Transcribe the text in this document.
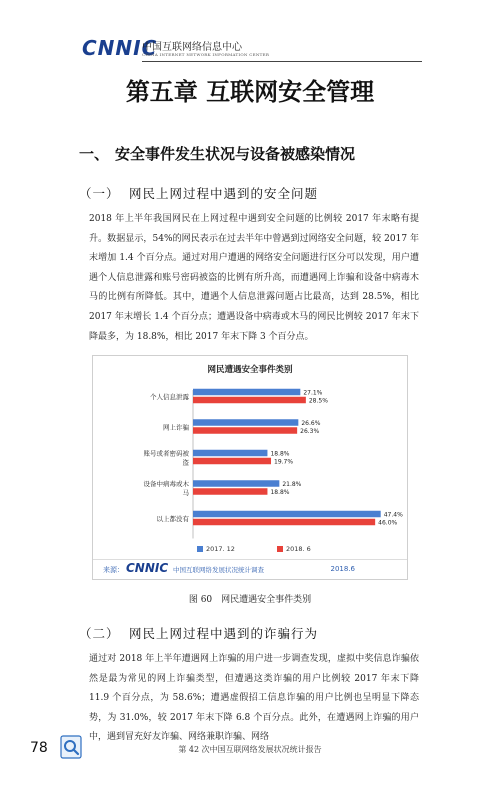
CNNIC
中国互联网络信息中心
CHINA INTERNET NETWORK INFORMATION CENTER
第五章 互联网安全管理
一、 安全事件发生状况与设备被感染情况
（一） 网民上网过程中遇到的安全问题
2018 年上半年我国网民在上网过程中遇到安全问题的比例较 2017 年末略有提升。数据显示，54%的网民表示在过去半年中曾遇到过网络安全问题，较 2017 年末增加 1.4 个百分点。通过对用户遭遇的网络安全问题进行区分可以发现，用户遭遇个人信息泄露和账号密码被盗的比例有所升高，而遭遇网上诈骗和设备中病毒木马的比例有所降低。其中，遭遇个人信息泄露问题占比最高，达到 28.5%，相比 2017 年末增长 1.4 个百分点；遭遇设备中病毒或木马的网民比例较 2017 年末下降最多，为 18.8%，相比 2017 年末下降 3 个百分点。
网民遭遇安全事件类别
个人信息泄露
27.1%
28.5%
网上诈骗
26.6%
26.3%
账号或者密码被
盗
18.8%
19.7%
设备中病毒或木
马
21.8%
18.8%
以上都没有
47.4%
46.0%
2017. 12	2018. 6
来源： CNNIC 中国互联网络发展状况统计调查	2018.6
图 60　网民遭遇安全事件类别
（二） 网民上网过程中遇到的诈骗行为
通过对 2018 年上半年遭遇网上诈骗的用户进一步调查发现，虚拟中奖信息诈骗依然是最为常见的网上诈骗类型，但遭遇这类诈骗的用户比例较 2017 年末下降 11.9 个百分点，为 58.6%；遭遇虚假招工信息诈骗的用户比例也呈明显下降态势，为 31.0%，较 2017 年末下降 6.8 个百分点。此外，在遭遇网上诈骗的用户中，遇到冒充好友诈骗、网络兼职诈骗、网络
78	第 42 次中国互联网络发展状况统计报告
